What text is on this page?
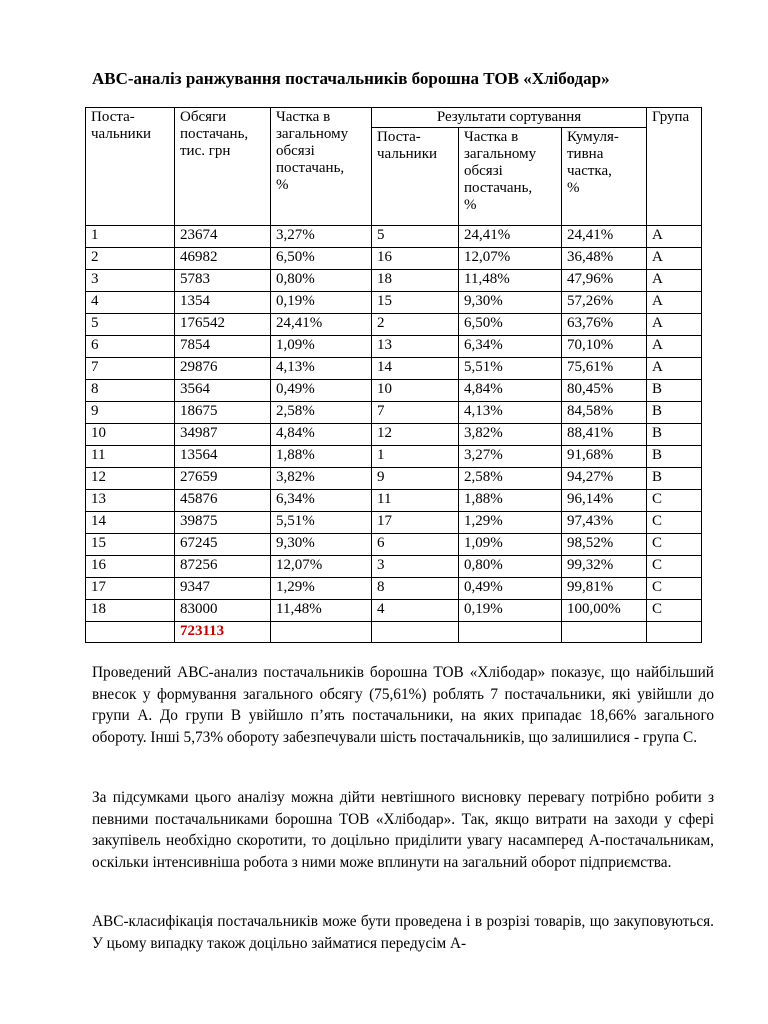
ABC-аналіз ранжування постачальників борошна ТОВ «Хлібодар»
Поста-
чальники	Обсяги
постачань,
тис. грн	Частка в
загальному
обсязі
постачань,
%	Результати сортування			Група
			Поста-
чальники	Частка в
загальному
обсязі
постачань,
%	Кумуля-
тивна
частка,
%	
1	23674	3,27%	5	24,41%	24,41%	A
2	46982	6,50%	16	12,07%	36,48%	A
3	5783	0,80%	18	11,48%	47,96%	A
4	1354	0,19%	15	9,30%	57,26%	A
5	176542	24,41%	2	6,50%	63,76%	A
6	7854	1,09%	13	6,34%	70,10%	A
7	29876	4,13%	14	5,51%	75,61%	A
8	3564	0,49%	10	4,84%	80,45%	B
9	18675	2,58%	7	4,13%	84,58%	B
10	34987	4,84%	12	3,82%	88,41%	B
11	13564	1,88%	1	3,27%	91,68%	B
12	27659	3,82%	9	2,58%	94,27%	B
13	45876	6,34%	11	1,88%	96,14%	C
14	39875	5,51%	17	1,29%	97,43%	C
15	67245	9,30%	6	1,09%	98,52%	C
16	87256	12,07%	3	0,80%	99,32%	C
17	9347	1,29%	8	0,49%	99,81%	C
18	83000	11,48%	4	0,19%	100,00%	C
	723113					

Проведений ABC-анализ постачальників борошна ТОВ «Хлібодар» показує, що найбільший внесок у формування загального обсягу (75,61%) роблять 7 постачальники, які увійшли до групи А. До групи В увійшло п’ять постачальники, на яких припадає 18,66% загального обороту. Інші 5,73% обороту забезпечували шість постачальників, що залишилися - група С.

За підсумками цього аналізу можна дійти невтішного висновку перевагу потрібно робити з певними постачальниками борошна ТОВ «Хлібодар». Так, якщо витрати на заходи у сфері закупівель необхідно скоротити, то доцільно приділити увагу насамперед А-постачальникам, оскільки інтенсивніша робота з ними може вплинути на загальний оборот підприємства.

ABC-класифікація постачальників може бути проведена і в розрізі товарів, що закуповуються. У цьому випадку також доцільно займатися передусім А-
